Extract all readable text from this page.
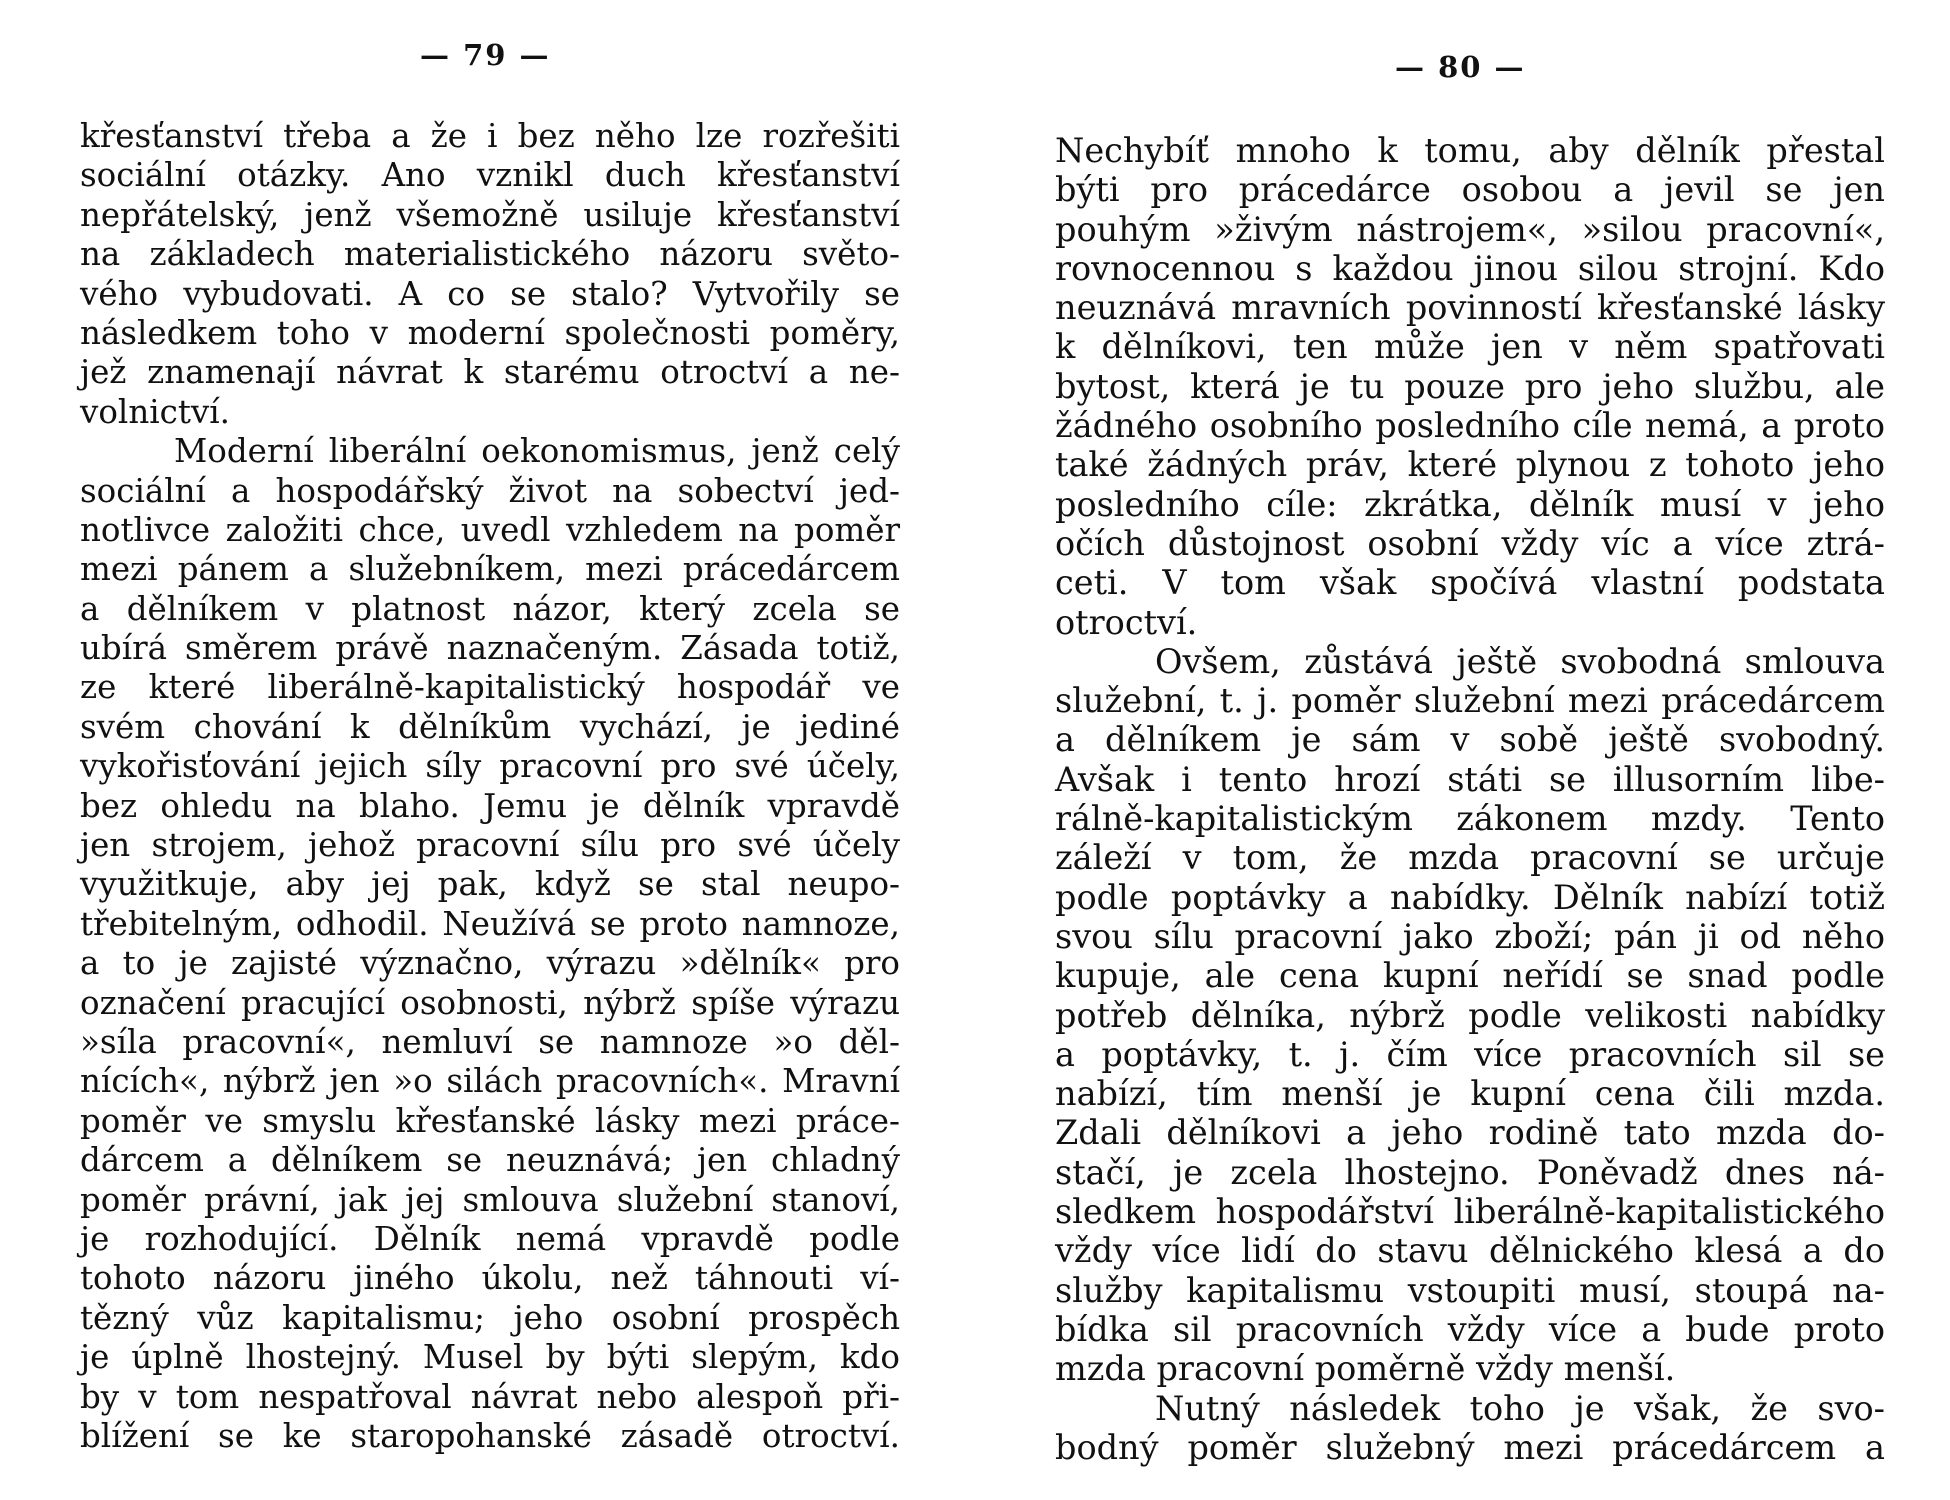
— 79 —
křesťanství třeba a že i bez něho lze rozřešiti
sociální otázky. Ano vznikl duch křesťanství
nepřátelský, jenž všemožně usiluje křesťanství
na základech materialistického názoru světo-
vého vybudovati. A co se stalo? Vytvořily se
následkem toho v moderní společnosti poměry,
jež znamenají návrat k starému otroctví a ne-
volnictví.
Moderní liberální oekonomismus, jenž celý
sociální a hospodářský život na sobectví jed-
notlivce založiti chce, uvedl vzhledem na poměr
mezi pánem a služebníkem, mezi prácedárcem
a dělníkem v platnost názor, který zcela se
ubírá směrem právě naznačeným. Zásada totiž,
ze které liberálně-kapitalistický hospodář ve
svém chování k dělníkům vychází, je jediné
vykořisťování jejich síly pracovní pro své účely,
bez ohledu na blaho. Jemu je dělník vpravdě
jen strojem, jehož pracovní sílu pro své účely
využitkuje, aby jej pak, když se stal neupo-
třebitelným, odhodil. Neužívá se proto namnoze,
a to je zajisté význačno, výrazu »dělník« pro
označení pracující osobnosti, nýbrž spíše výrazu
»síla pracovní«, nemluví se namnoze »o děl-
nících«, nýbrž jen »o silách pracovních«. Mravní
poměr ve smyslu křesťanské lásky mezi práce-
dárcem a dělníkem se neuznává; jen chladný
poměr právní, jak jej smlouva služební stanoví,
je rozhodující. Dělník nemá vpravdě podle
tohoto názoru jiného úkolu, než táhnouti ví-
tězný vůz kapitalismu; jeho osobní prospěch
je úplně lhostejný. Musel by býti slepým, kdo
by v tom nespatřoval návrat nebo alespoň při-
blížení se ke staropohanské zásadě otroctví.
— 80 —
Nechybíť mnoho k tomu, aby dělník přestal
býti pro prácedárce osobou a jevil se jen
pouhým »živým nástrojem«, »silou pracovní«,
rovnocennou s každou jinou silou strojní. Kdo
neuznává mravních povinností křesťanské lásky
k dělníkovi, ten může jen v něm spatřovati
bytost, která je tu pouze pro jeho službu, ale
žádného osobního posledního cíle nemá, a proto
také žádných práv, které plynou z tohoto jeho
posledního cíle: zkrátka, dělník musí v jeho
očích důstojnost osobní vždy víc a více ztrá-
ceti. V tom však spočívá vlastní podstata
otroctví.
Ovšem, zůstává ještě svobodná smlouva
služební, t. j. poměr služební mezi prácedárcem
a dělníkem je sám v sobě ještě svobodný.
Avšak i tento hrozí státi se illusorním libe-
rálně-kapitalistickým zákonem mzdy. Tento
záleží v tom, že mzda pracovní se určuje
podle poptávky a nabídky. Dělník nabízí totiž
svou sílu pracovní jako zboží; pán ji od něho
kupuje, ale cena kupní neřídí se snad podle
potřeb dělníka, nýbrž podle velikosti nabídky
a poptávky, t. j. čím více pracovních sil se
nabízí, tím menší je kupní cena čili mzda.
Zdali dělníkovi a jeho rodině tato mzda do-
stačí, je zcela lhostejno. Poněvadž dnes ná-
sledkem hospodářství liberálně-kapitalistického
vždy více lidí do stavu dělnického klesá a do
služby kapitalismu vstoupiti musí, stoupá na-
bídka sil pracovních vždy více a bude proto
mzda pracovní poměrně vždy menší.
Nutný následek toho je však, že svo-
bodný poměr služebný mezi prácedárcem a
